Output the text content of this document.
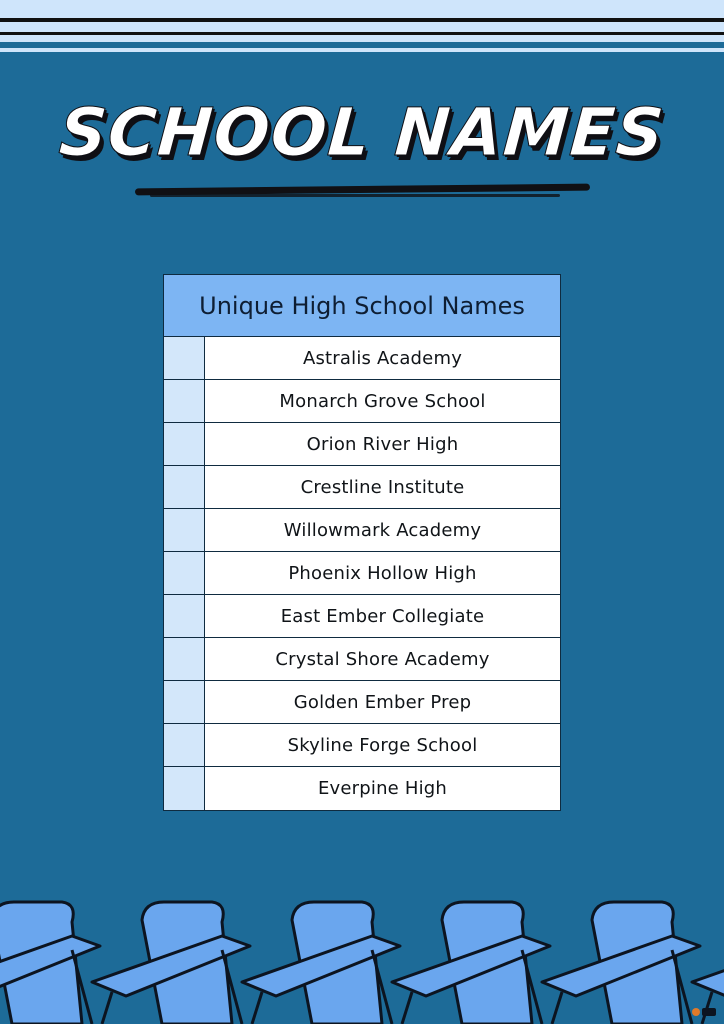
SCHOOL NAMES
Unique High School Names
Astralis Academy
Monarch Grove School
Orion River High
Crestline Institute
Willowmark Academy
Phoenix Hollow High
East Ember Collegiate
Crystal Shore Academy
Golden Ember Prep
Skyline Forge School
Everpine High
